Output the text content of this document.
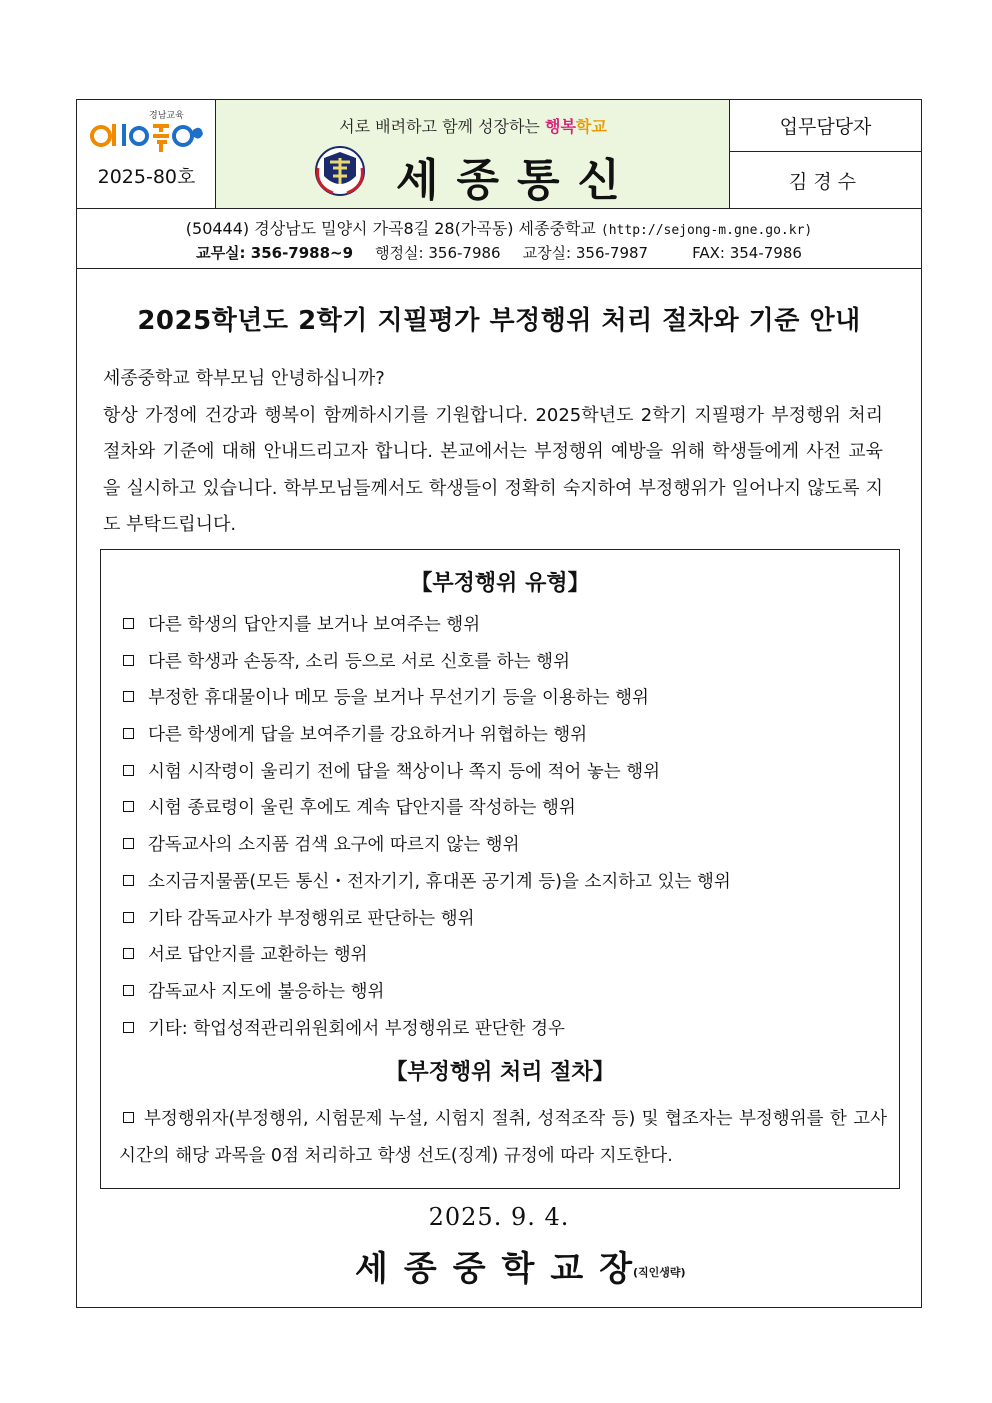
경남교육
2025-80호
서로 배려하고 함께 성장하는 행복학교
세종통신
업무담당자
김경수
(50444) 경상남도 밀양시 가곡8길 28(가곡동) 세종중학교 (http://sejong-m.gne.go.kr)
교무실: 356-7988~9 행정실: 356-7986 교장실: 356-7987	FAX: 354-7986
2025학년도 2학기 지필평가 부정행위 처리 절차와 기준 안내
세종중학교 학부모님 안녕하십니까?
항상 가정에 건강과 행복이 함께하시기를 기원합니다. 2025학년도 2학기 지필평가 부정행위 처리 절차와 기준에 대해 안내드리고자 합니다. 본교에서는 부정행위 예방을 위해 학생들에게 사전 교육을 실시하고 있습니다. 학부모님들께서도 학생들이 정확히 숙지하여 부정행위가 일어나지 않도록 지도 부탁드립니다.
【부정행위 유형】
다른 학생의 답안지를 보거나 보여주는 행위
다른 학생과 손동작, 소리 등으로 서로 신호를 하는 행위
부정한 휴대물이나 메모 등을 보거나 무선기기 등을 이용하는 행위
다른 학생에게 답을 보여주기를 강요하거나 위협하는 행위
시험 시작령이 울리기 전에 답을 책상이나 쪽지 등에 적어 놓는 행위
시험 종료령이 울린 후에도 계속 답안지를 작성하는 행위
감독교사의 소지품 검색 요구에 따르지 않는 행위
소지금지물품(모든 통신・전자기기, 휴대폰 공기계 등)을 소지하고 있는 행위
기타 감독교사가 부정행위로 판단하는 행위
서로 답안지를 교환하는 행위
감독교사 지도에 불응하는 행위
기타: 학업성적관리위원회에서 부정행위로 판단한 경우
【부정행위 처리 절차】
부정행위자(부정행위, 시험문제 누설, 시험지 절취, 성적조작 등) 및 협조자는 부정행위를 한 고사 시간의 해당 과목을 0점 처리하고 학생 선도(징계) 규정에 따라 지도한다.
2025. 9. 4.
세종중학교장
(직인생략)
